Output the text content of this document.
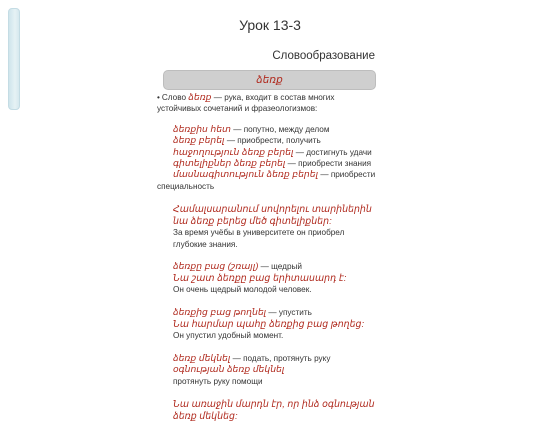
Урок 13-3
Словообразование
ձեռք

• Слово ձեռք — рука, входит в состав многих устойчивых сочетаний и фразеологизмов:

ձեռքիս հետ — попутно, между делом

ձեռք բերել — приобрести, получить

հաջողություն ձեռք բերել — достигнуть удачи

գիտելիքներ ձեռք բերել — приобрести знания

մասնագիտություն ձեռք բերել — приобрести специальность

Համալսարանում սովորելու տարիներին նա ձեռք բերեց մեծ գիտելիքներ:

За время учёбы в университете он приобрел глубокие знания.

ձեռքը բաց (շռայլ) — щедрый

Նա շատ ձեռքը բաց երիտասարդ է:

Он очень щедрый молодой человек.

ձեռքից բաց թողնել — упустить

Նա հարմար պահը ձեռքից բաց թողեց:

Он упустил удобный момент.

ձեռք մեկնել — подать, протянуть руку

օգնության ձեռք մեկնել

протянуть руку помощи

Նա առաջին մարդն էր, որ ինձ օգնության ձեռք մեկնեց:
